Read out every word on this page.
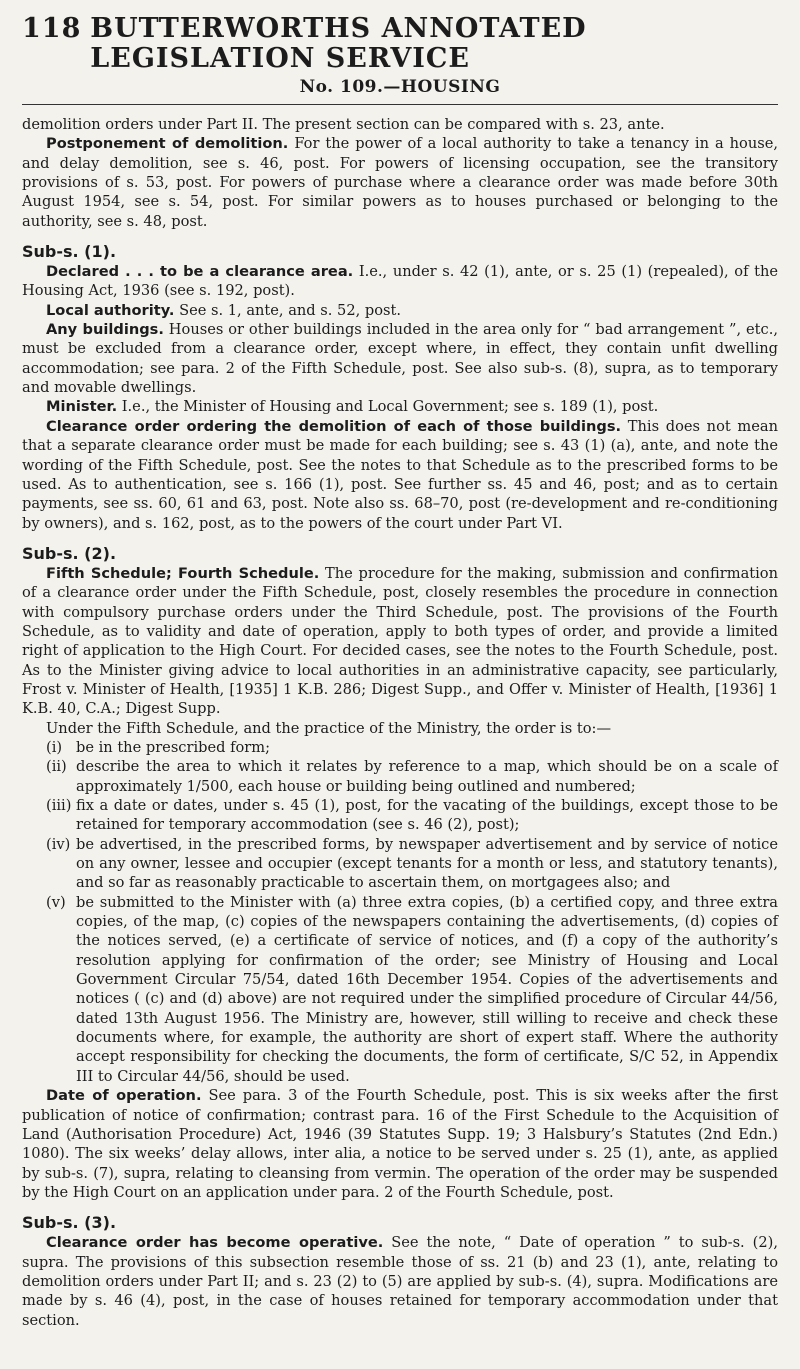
118 BUTTERWORTHS ANNOTATED LEGISLATION SERVICE
No. 109.—HOUSING

demolition orders under Part II. The present section can be compared with s. 23, ante.

Postponement of demolition. For the power of a local authority to take a tenancy in a house, and delay demolition, see s. 46, post. For powers of licensing occupation, see the transitory provisions of s. 53, post. For powers of purchase where a clearance order was made before 30th August 1954, see s. 54, post. For similar powers as to houses purchased or belonging to the authority, see s. 48, post.

Sub-s. (1).

Declared . . . to be a clearance area. I.e., under s. 42 (1), ante, or s. 25 (1) (repealed), of the Housing Act, 1936 (see s. 192, post).

Local authority. See s. 1, ante, and s. 52, post.

Any buildings. Houses or other buildings included in the area only for “ bad arrangement ”, etc., must be excluded from a clearance order, except where, in effect, they contain unfit dwelling accommodation; see para. 2 of the Fifth Schedule, post. See also sub-s. (8), supra, as to temporary and movable dwellings.

Minister. I.e., the Minister of Housing and Local Government; see s. 189 (1), post.

Clearance order ordering the demolition of each of those buildings. This does not mean that a separate clearance order must be made for each building; see s. 43 (1) (a), ante, and note the wording of the Fifth Schedule, post. See the notes to that Schedule as to the prescribed forms to be used. As to authentication, see s. 166 (1), post. See further ss. 45 and 46, post; and as to certain payments, see ss. 60, 61 and 63, post. Note also ss. 68–70, post (re-development and re-conditioning by owners), and s. 162, post, as to the powers of the court under Part VI.

Sub-s. (2).

Fifth Schedule; Fourth Schedule. The procedure for the making, submission and confirmation of a clearance order under the Fifth Schedule, post, closely resembles the procedure in connection with compulsory purchase orders under the Third Schedule, post. The provisions of the Fourth Schedule, as to validity and date of operation, apply to both types of order, and provide a limited right of application to the High Court. For decided cases, see the notes to the Fourth Schedule, post. As to the Minister giving advice to local authorities in an administrative capacity, see particularly, Frost v. Minister of Health, [1935] 1 K.B. 286; Digest Supp., and Offer v. Minister of Health, [1936] 1 K.B. 40, C.A.; Digest Supp.

Under the Fifth Schedule, and the practice of the Ministry, the order is to:—

(i) be in the prescribed form;
(ii) describe the area to which it relates by reference to a map, which should be on a scale of approximately 1/500, each house or building being outlined and numbered;
(iii) fix a date or dates, under s. 45 (1), post, for the vacating of the buildings, except those to be retained for temporary accommodation (see s. 46 (2), post);
(iv) be advertised, in the prescribed forms, by newspaper advertisement and by service of notice on any owner, lessee and occupier (except tenants for a month or less, and statutory tenants), and so far as reasonably practicable to ascertain them, on mortgagees also; and
(v) be submitted to the Minister with (a) three extra copies, (b) a certified copy, and three extra copies, of the map, (c) copies of the newspapers containing the advertisements, (d) copies of the notices served, (e) a certificate of service of notices, and (f) a copy of the authority’s resolution applying for confirmation of the order; see Ministry of Housing and Local Government Circular 75/54, dated 16th December 1954. Copies of the advertisements and notices ( (c) and (d) above) are not required under the simplified procedure of Circular 44/56, dated 13th August 1956. The Ministry are, however, still willing to receive and check these documents where, for example, the authority are short of expert staff. Where the authority accept responsibility for checking the documents, the form of certificate, S/C 52, in Appendix III to Circular 44/56, should be used.

Date of operation. See para. 3 of the Fourth Schedule, post. This is six weeks after the first publication of notice of confirmation; contrast para. 16 of the First Schedule to the Acquisition of Land (Authorisation Procedure) Act, 1946 (39 Statutes Supp. 19; 3 Halsbury’s Statutes (2nd Edn.) 1080). The six weeks’ delay allows, inter alia, a notice to be served under s. 25 (1), ante, as applied by sub-s. (7), supra, relating to cleansing from vermin. The operation of the order may be suspended by the High Court on an application under para. 2 of the Fourth Schedule, post.

Sub-s. (3).

Clearance order has become operative. See the note, “ Date of operation ” to sub-s. (2), supra. The provisions of this subsection resemble those of ss. 21 (b) and 23 (1), ante, relating to demolition orders under Part II; and s. 23 (2) to (5) are applied by sub-s. (4), supra. Modifications are made by s. 46 (4), post, in the case of houses retained for temporary accommodation under that section.
